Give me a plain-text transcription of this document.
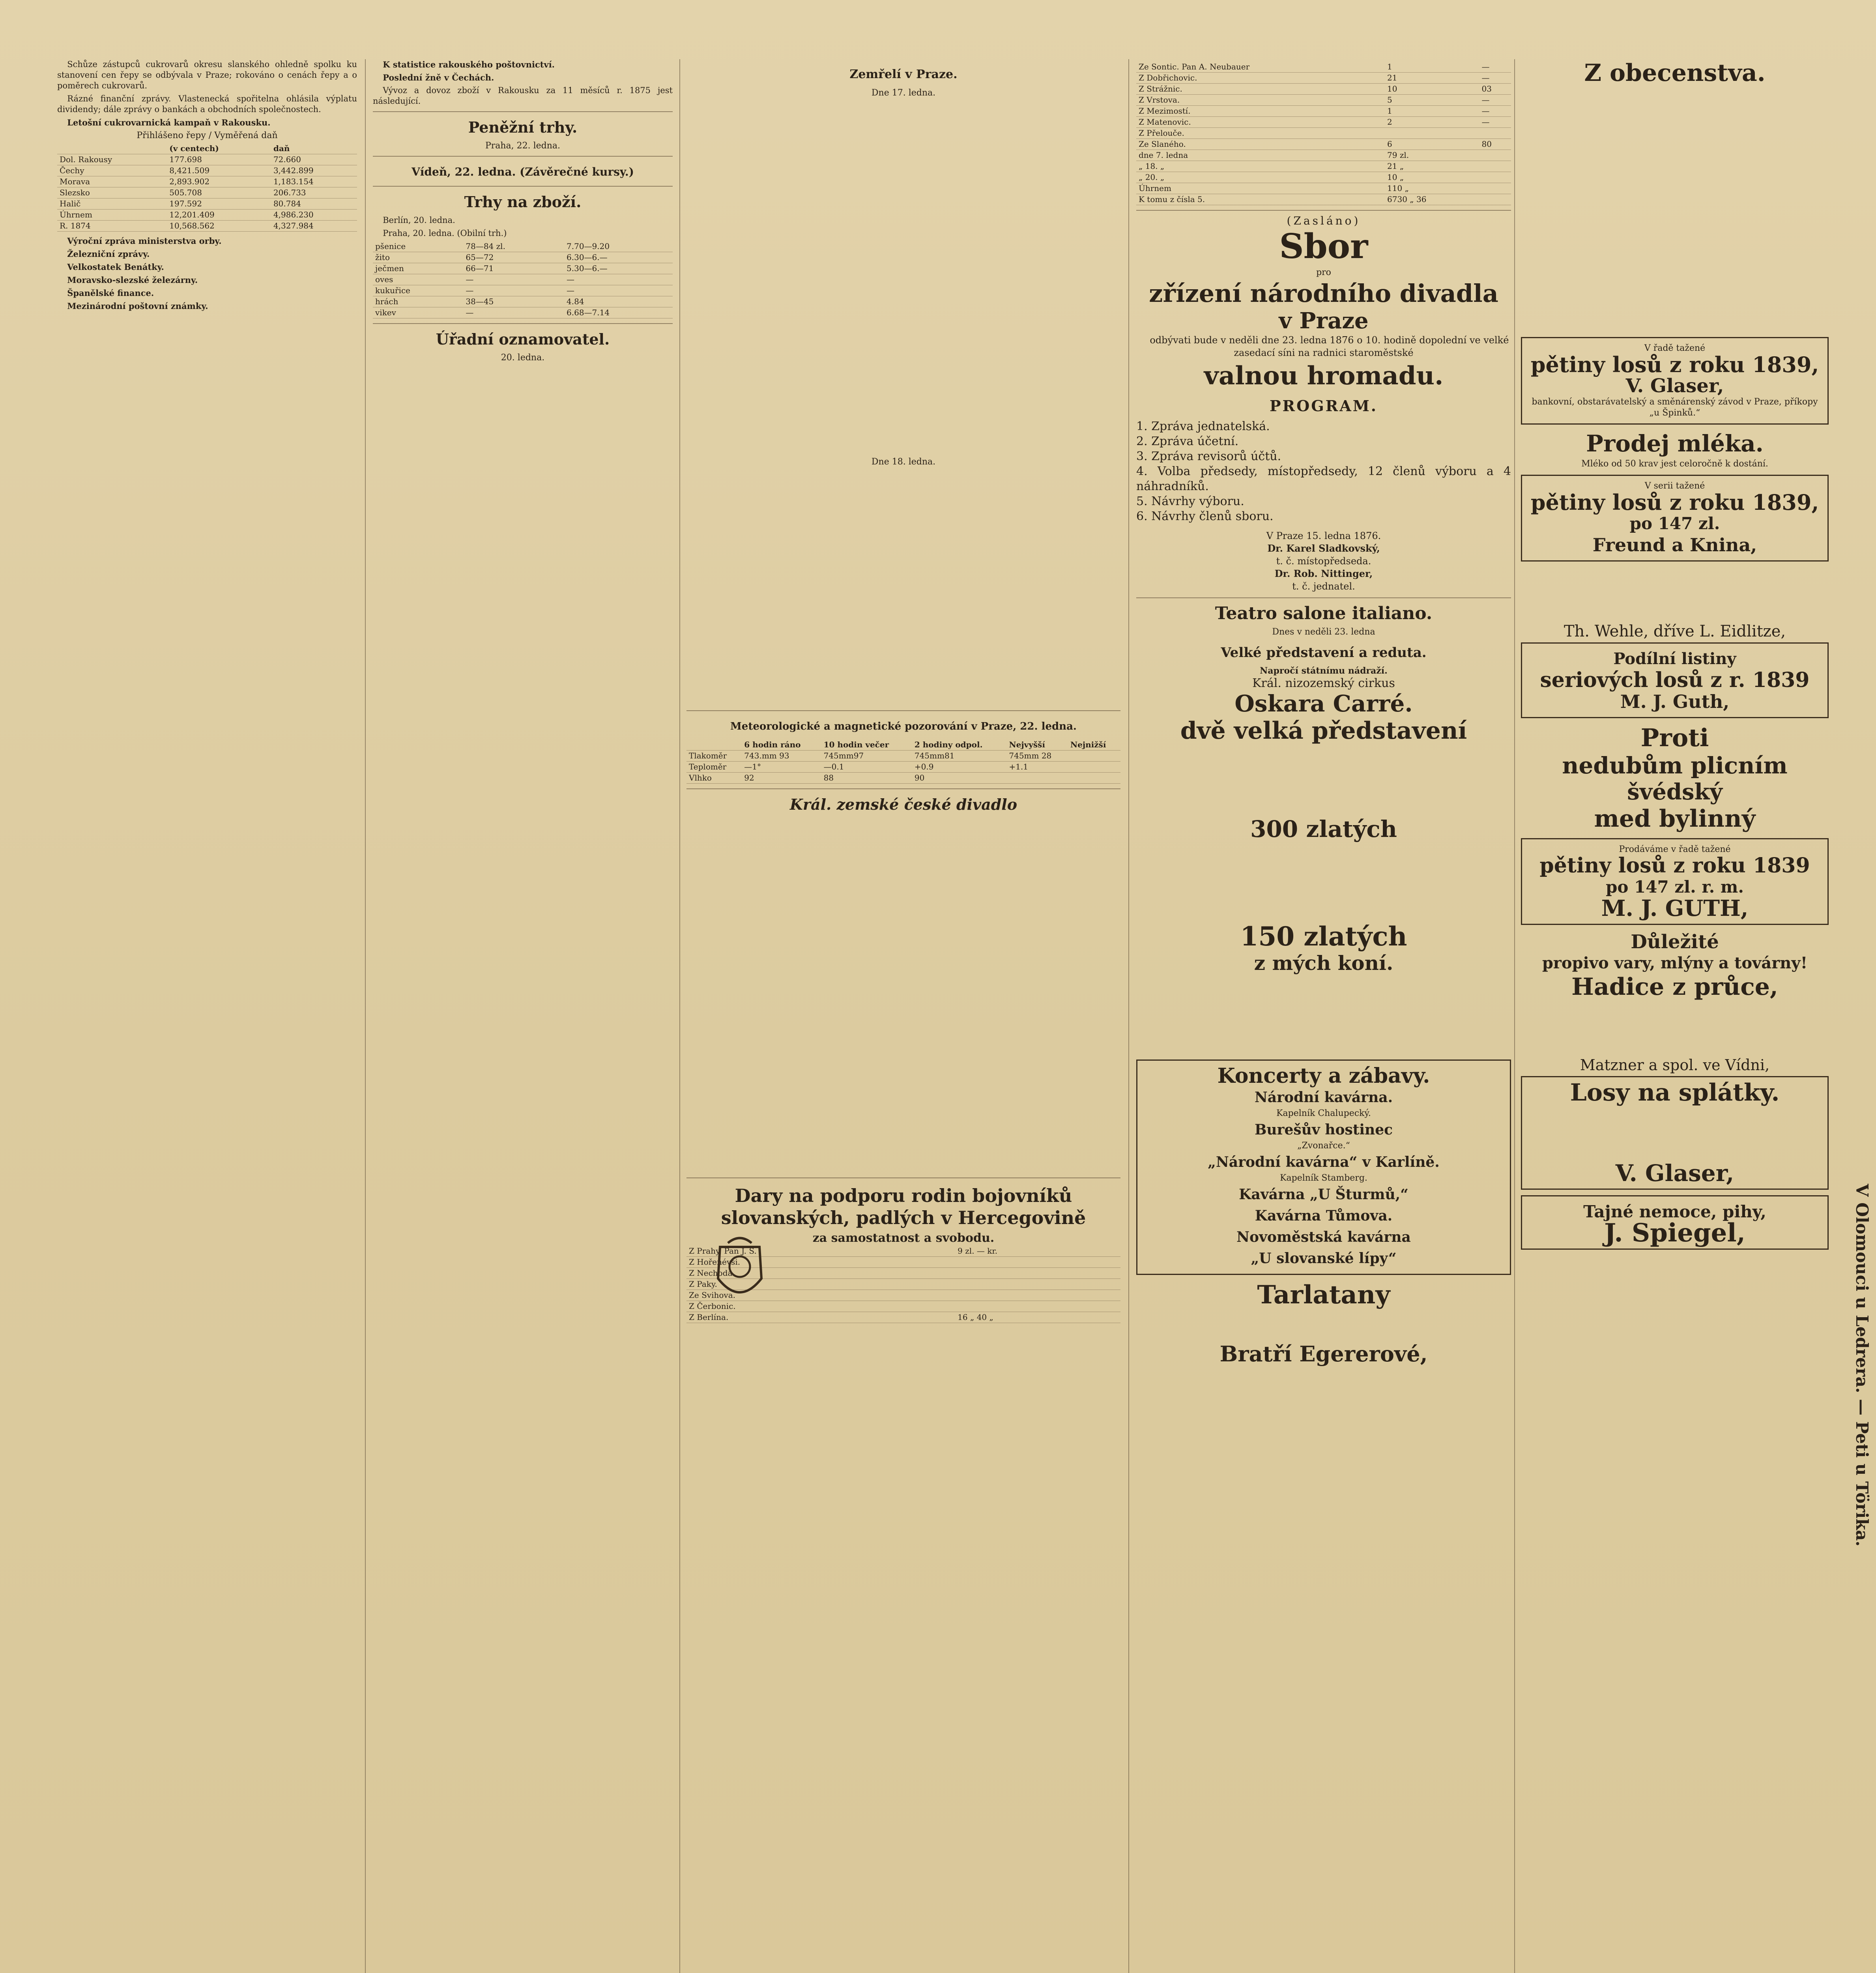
Schůze zástupců cukrovarů okresu slanského ohledně spolku ku stanovení cen řepy se odbývala v Praze; rokováno o cenách řepy a o poměrech cukrovarů.

Rázné finanční zprávy. Vlastenecká spořitelna ohlásila výplatu dividendy; dále zprávy o bankách a obchodních společnostech.

Letošní cukrovarnická kampaň v Rakousku.

Přihlášeno řepy / Vyměřená daň
	(v centech)	daň
Dol. Rakousy	177.698	72.660
Čechy	8,421.509	3,442.899
Morava	2,893.902	1,183.154
Slezsko	505.708	206.733
Halič	197.592	80.784
Úhrnem	12,201.409	4,986.230
R. 1874	10,568.562	4,327.984

Výroční zpráva ministerstva orby.

Železniční zprávy.

Velkostatek Benátky.

Moravsko-slezské železárny.

Španělské finance.

Mezinárodní poštovní známky.

K statistice rakouského poštovnictví.

Poslední žně v Čechách.

Vývoz a dovoz zboží v Rakousku za 11 měsíců r. 1875 jest následující.

Peněžní trhy.
Praha, 22. ledna.
Vídeň, 22. ledna. (Závěrečné kursy.)
Trhy na zboží.

Berlín, 20. ledna.

Praha, 20. ledna. (Obilní trh.)

pšenice	78—84 zl.	7.70—9.20
žito	65—72	6.30—6.—
ječmen	66—71	5.30—6.—
oves	—	—
kukuřice	—	—
hrách	38—45	4.84
vikev	—	6.68—7.14
Úřadní oznamovatel.
20. ledna.
Zemřelí v Praze.
Dne 17. ledna.
Dne 18. ledna.
Meteorologické a magnetické pozorování v Praze, 22. ledna.
	6 hodin ráno	10 hodin večer	2 hodiny odpol.	Nejvyšší	Nejnižší
Tlakoměr	743.mm 93	745mm97	745mm81	745mm 28	
Teploměr	—1°	—0.1	+0.9	+1.1	
Vlhko	92	88	90		
Král. zemské české divadlo
Dary na podporu rodin bojovníků slovanských, padlých v Hercegovině
za samostatnost a svobodu.
Z Prahy. Pan J. S.	9 zl. — kr.
Z Hořenévsi.	
Z Nechoda.	
Z Paky.	
Ze Svihova.	
Z Čerbonic.	
Z Berlína.	16 „ 40 „
Ze Sontic. Pan A. Neubauer	1	—
Z Dobřichovic.	21	—
Z Strážnic.	10	03
Z Vrstova.	5	—
Z Mezimostí.	1	—
Z Matenovic.	2	—
Z Přelouče.		
Ze Slaného.	6	80
dne 7. ledna	79 zl.	
„ 18. „	21 „	
„ 20. „	10 „	
Úhrnem	110 „	
K tomu z čísla 5.	6730 „ 36	
(Zasláno)
Sbor
pro
zřízení národního divadla
v Praze

odbývati bude v neděli dne 23. ledna 1876 o 10. hodině dopolední ve velké zasedací síni na radnici staroměstské

valnou hromadu.
PROGRAM.
1. Zpráva jednatelská.
2. Zpráva účetní.
3. Zpráva revisorů účtů.
4. Volba předsedy, místopředsedy, 12 členů výboru a 4 náhradníků.
5. Návrhy výboru.
6. Návrhy členů sboru.
V Praze 15. ledna 1876.
Dr. Karel Sladkovský,
t. č. místopředseda.
Dr. Rob. Nittinger,
t. č. jednatel.
Teatro salone italiano.
Dnes v neděli 23. ledna
Velké představení a reduta.
Napročí státnímu nádraží.
Král. nizozemský cirkus
Oskara Carré.
dvě velká představení
300 zlatých
150 zlatých
z mých koní.
Koncerty a zábavy.
Národní kavárna.
Kapelník Chalupecký.
Burešův hostinec
„Zvonařce.“
„Národní kavárna“ v Karlíně.
Kapelník Stamberg.
Kavárna „U Šturmů,“
Kavárna Tůmova.
Novoměstská kavárna
„U slovanské lípy“
Tarlatany
Bratří Egererové,
Z obecenstva.
V řadě tažené
pětiny losů z roku 1839,
V. Glaser,
bankovní, obstarávatelský a směnárenský závod v Praze, příkopy „u Špinků.“
Prodej mléka.
Mléko od 50 krav jest celoročně k dostání.
V serii tažené
pětiny losů z roku 1839,
po 147 zl.
Freund a Knina,
Th. Wehle, dříve L. Eidlitze,
Podílní listiny
seriových losů z r. 1839
M. J. Guth,
Proti
nedubům plicním
švédský
med bylinný
Prodáváme v řadě tažené
pětiny losů z roku 1839
po 147 zl. r. m.
M. J. GUTH,
Důležité
propivo vary, mlýny a továrny!
Hadice z průce,
Matzner a spol. ve Vídni,
Losy na splátky.
V. Glaser,
Tajné nemoce, pihy,
J. Spiegel,	V Olomouci u Ledrera. — Peti u Törika.
